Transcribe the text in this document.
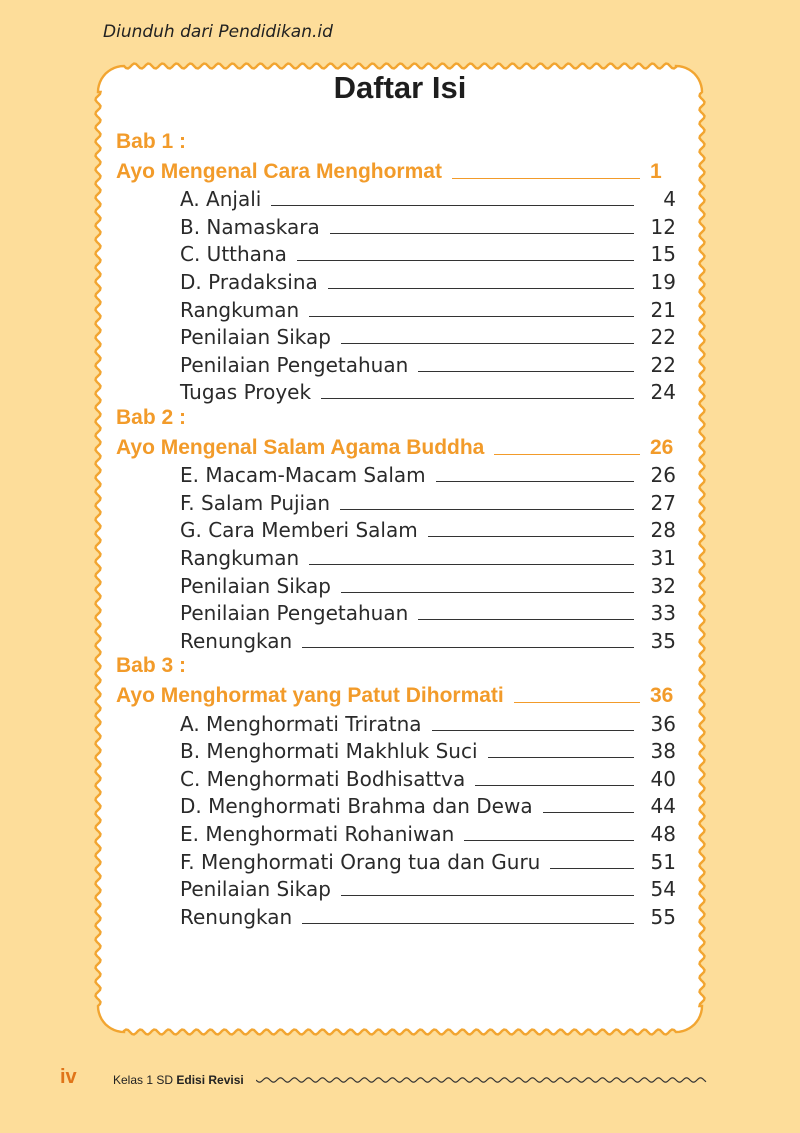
Diunduh dari Pendidikan.id
Daftar Isi
Bab 1 :
Ayo Mengenal Cara Menghormat	1
A. Anjali	4
B. Namaskara	12
C. Utthana	15
D. Pradaksina	19
Rangkuman	21
Penilaian Sikap	22
Penilaian Pengetahuan	22
Tugas Proyek	24
Bab 2 :
Ayo Mengenal Salam Agama Buddha	26
E. Macam-Macam Salam	26
F. Salam Pujian	27
G. Cara Memberi Salam	28
Rangkuman	31
Penilaian Sikap	32
Penilaian Pengetahuan	33
Renungkan	35
Bab 3 :
Ayo Menghormat yang Patut Dihormati	36
A. Menghormati Triratna	36
B. Menghormati Makhluk Suci	38
C. Menghormati Bodhisattva	40
D. Menghormati Brahma dan Dewa	44
E. Menghormati Rohaniwan	48
F. Menghormati Orang tua dan Guru	51
Penilaian Sikap	54
Renungkan	55
iv	Kelas 1 SD Edisi Revisi
